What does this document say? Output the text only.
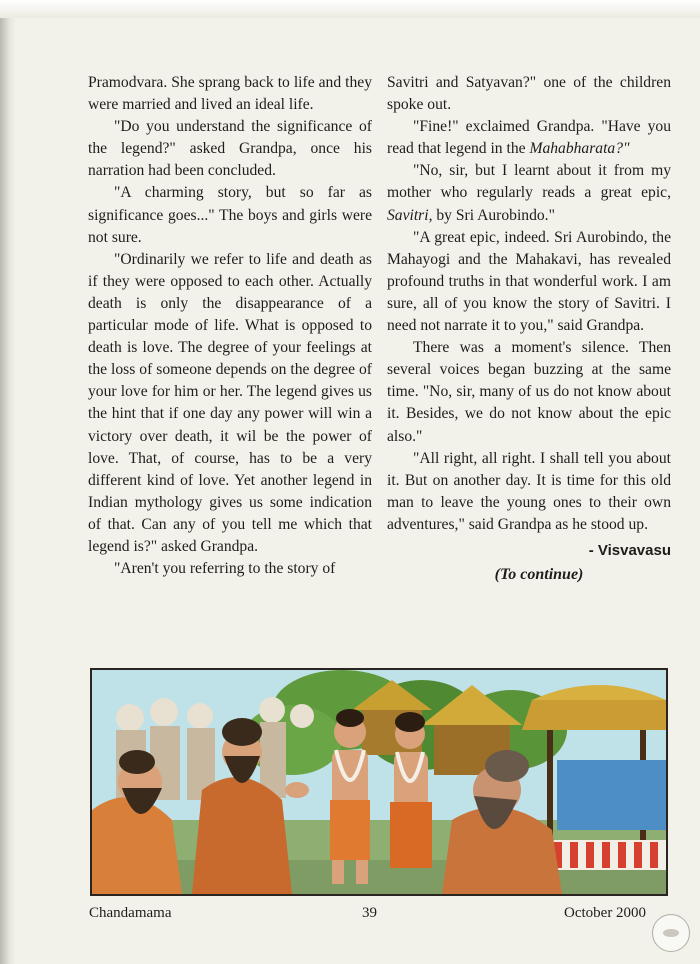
Pramodvara. She sprang back to life and they were married and lived an ideal life.

"Do you understand the significance of the legend?" asked Grandpa, once his narration had been concluded.

"A charming story, but so far as significance goes..." The boys and girls were not sure.

"Ordinarily we refer to life and death as if they were opposed to each other. Actually death is only the disappearance of a particular mode of life. What is opposed to death is love. The degree of your feelings at the loss of someone depends on the degree of your love for him or her. The legend gives us the hint that if one day any power will win a victory over death, it wil be the power of love. That, of course, has to be a very different kind of love. Yet another legend in Indian mythology gives us some indication of that. Can any of you tell me which that legend is?" asked Grandpa.

"Aren't you referring to the story of

Savitri and Satyavan?" one of the children spoke out.

"Fine!" exclaimed Grandpa. "Have you read that legend in the Mahabharata?"

"No, sir, but I learnt about it from my mother who regularly reads a great epic, Savitri, by Sri Aurobindo."

"A great epic, indeed. Sri Aurobindo, the Mahayogi and the Mahakavi, has revealed profound truths in that wonderful work. I am sure, all of you know the story of Savitri. I need not narrate it to you," said Grandpa.

There was a moment's silence. Then several voices began buzzing at the same time. "No, sir, many of us do not know about it. Besides, we do not know about the epic also."

"All right, all right. I shall tell you about it. But on another day. It is time for this old man to leave the young ones to their own adventures," said Grandpa as he stood up.

- Visvavasu
(To continue)
Chandamama	39	October 2000
